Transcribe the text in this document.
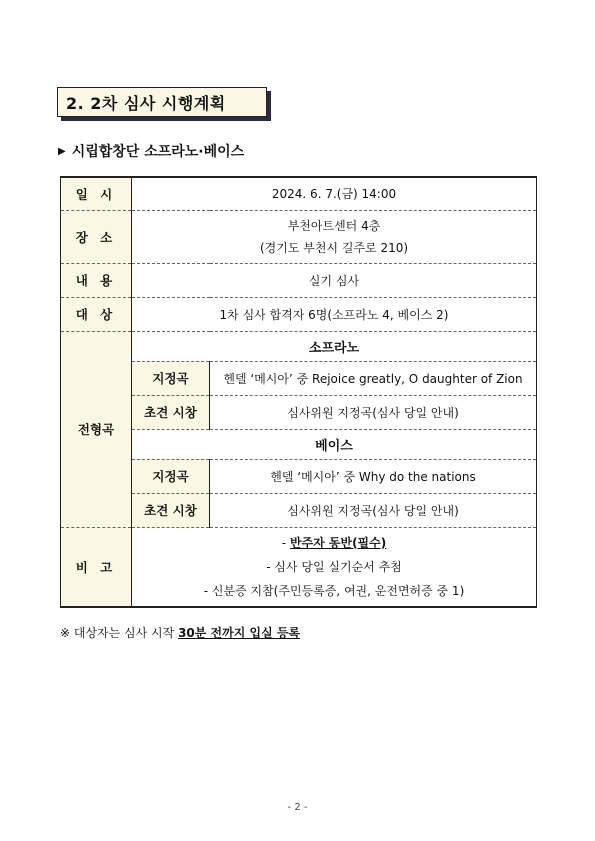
2. 2차 심사 시행계획
▶ 시립합창단 소프라노·베이스
일 시	2024. 6. 7.(금) 14:00	
장 소	부천아트센터 4층
(경기도 부천시 길주로 210)	

내 용	실기 심사	
대 상	1차 심사 합격자 6명(소프라노 4, 베이스 2)	
전형곡	소프라노	
	지정곡	헨델 ‘메시아’ 중 Rejoice greatly, O daughter of Zion
	초견 시창	심사위원 지정곡(심사 당일 안내)
	베이스	
	지정곡	헨델 ‘메시아’ 중 Why do the nations
	초견 시창	심사위원 지정곡(심사 당일 안내)
비 고	- 반주자 동반(필수)
- 심사 당일 실기순서 추첨
- 신분증 지참(주민등록증, 여권, 운전면허증 중 1)	
※ 대상자는 심사 시작 30분 전까지 입실 등록
- 2 -
